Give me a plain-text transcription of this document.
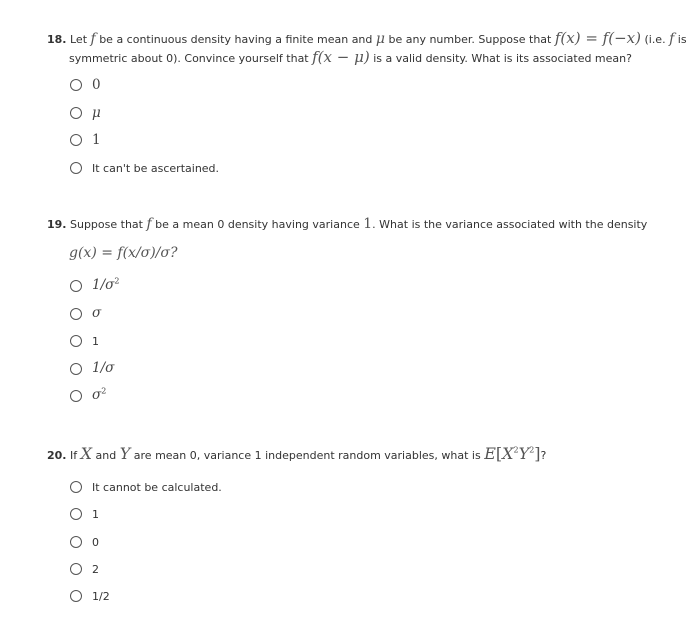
18. Let f be a continuous density having a finite mean and μ be any number. Suppose that f(x) = f(−x) (i.e. f is
symmetric about 0). Convince yourself that f(x − μ) is a valid density. What is its associated mean?
0
μ
1
It can't be ascertained.
19. Suppose that f be a mean 0 density having variance 1. What is the variance associated with the density
g(x) = f(x/σ)/σ?
$1/\sigma^2$
σ
1
1/σ
$\sigma^2$
20. If X and Y are mean 0, variance 1 independent random variables, what is $E[X^2Y^2]$?
It cannot be calculated.
1
0
2
1/2
